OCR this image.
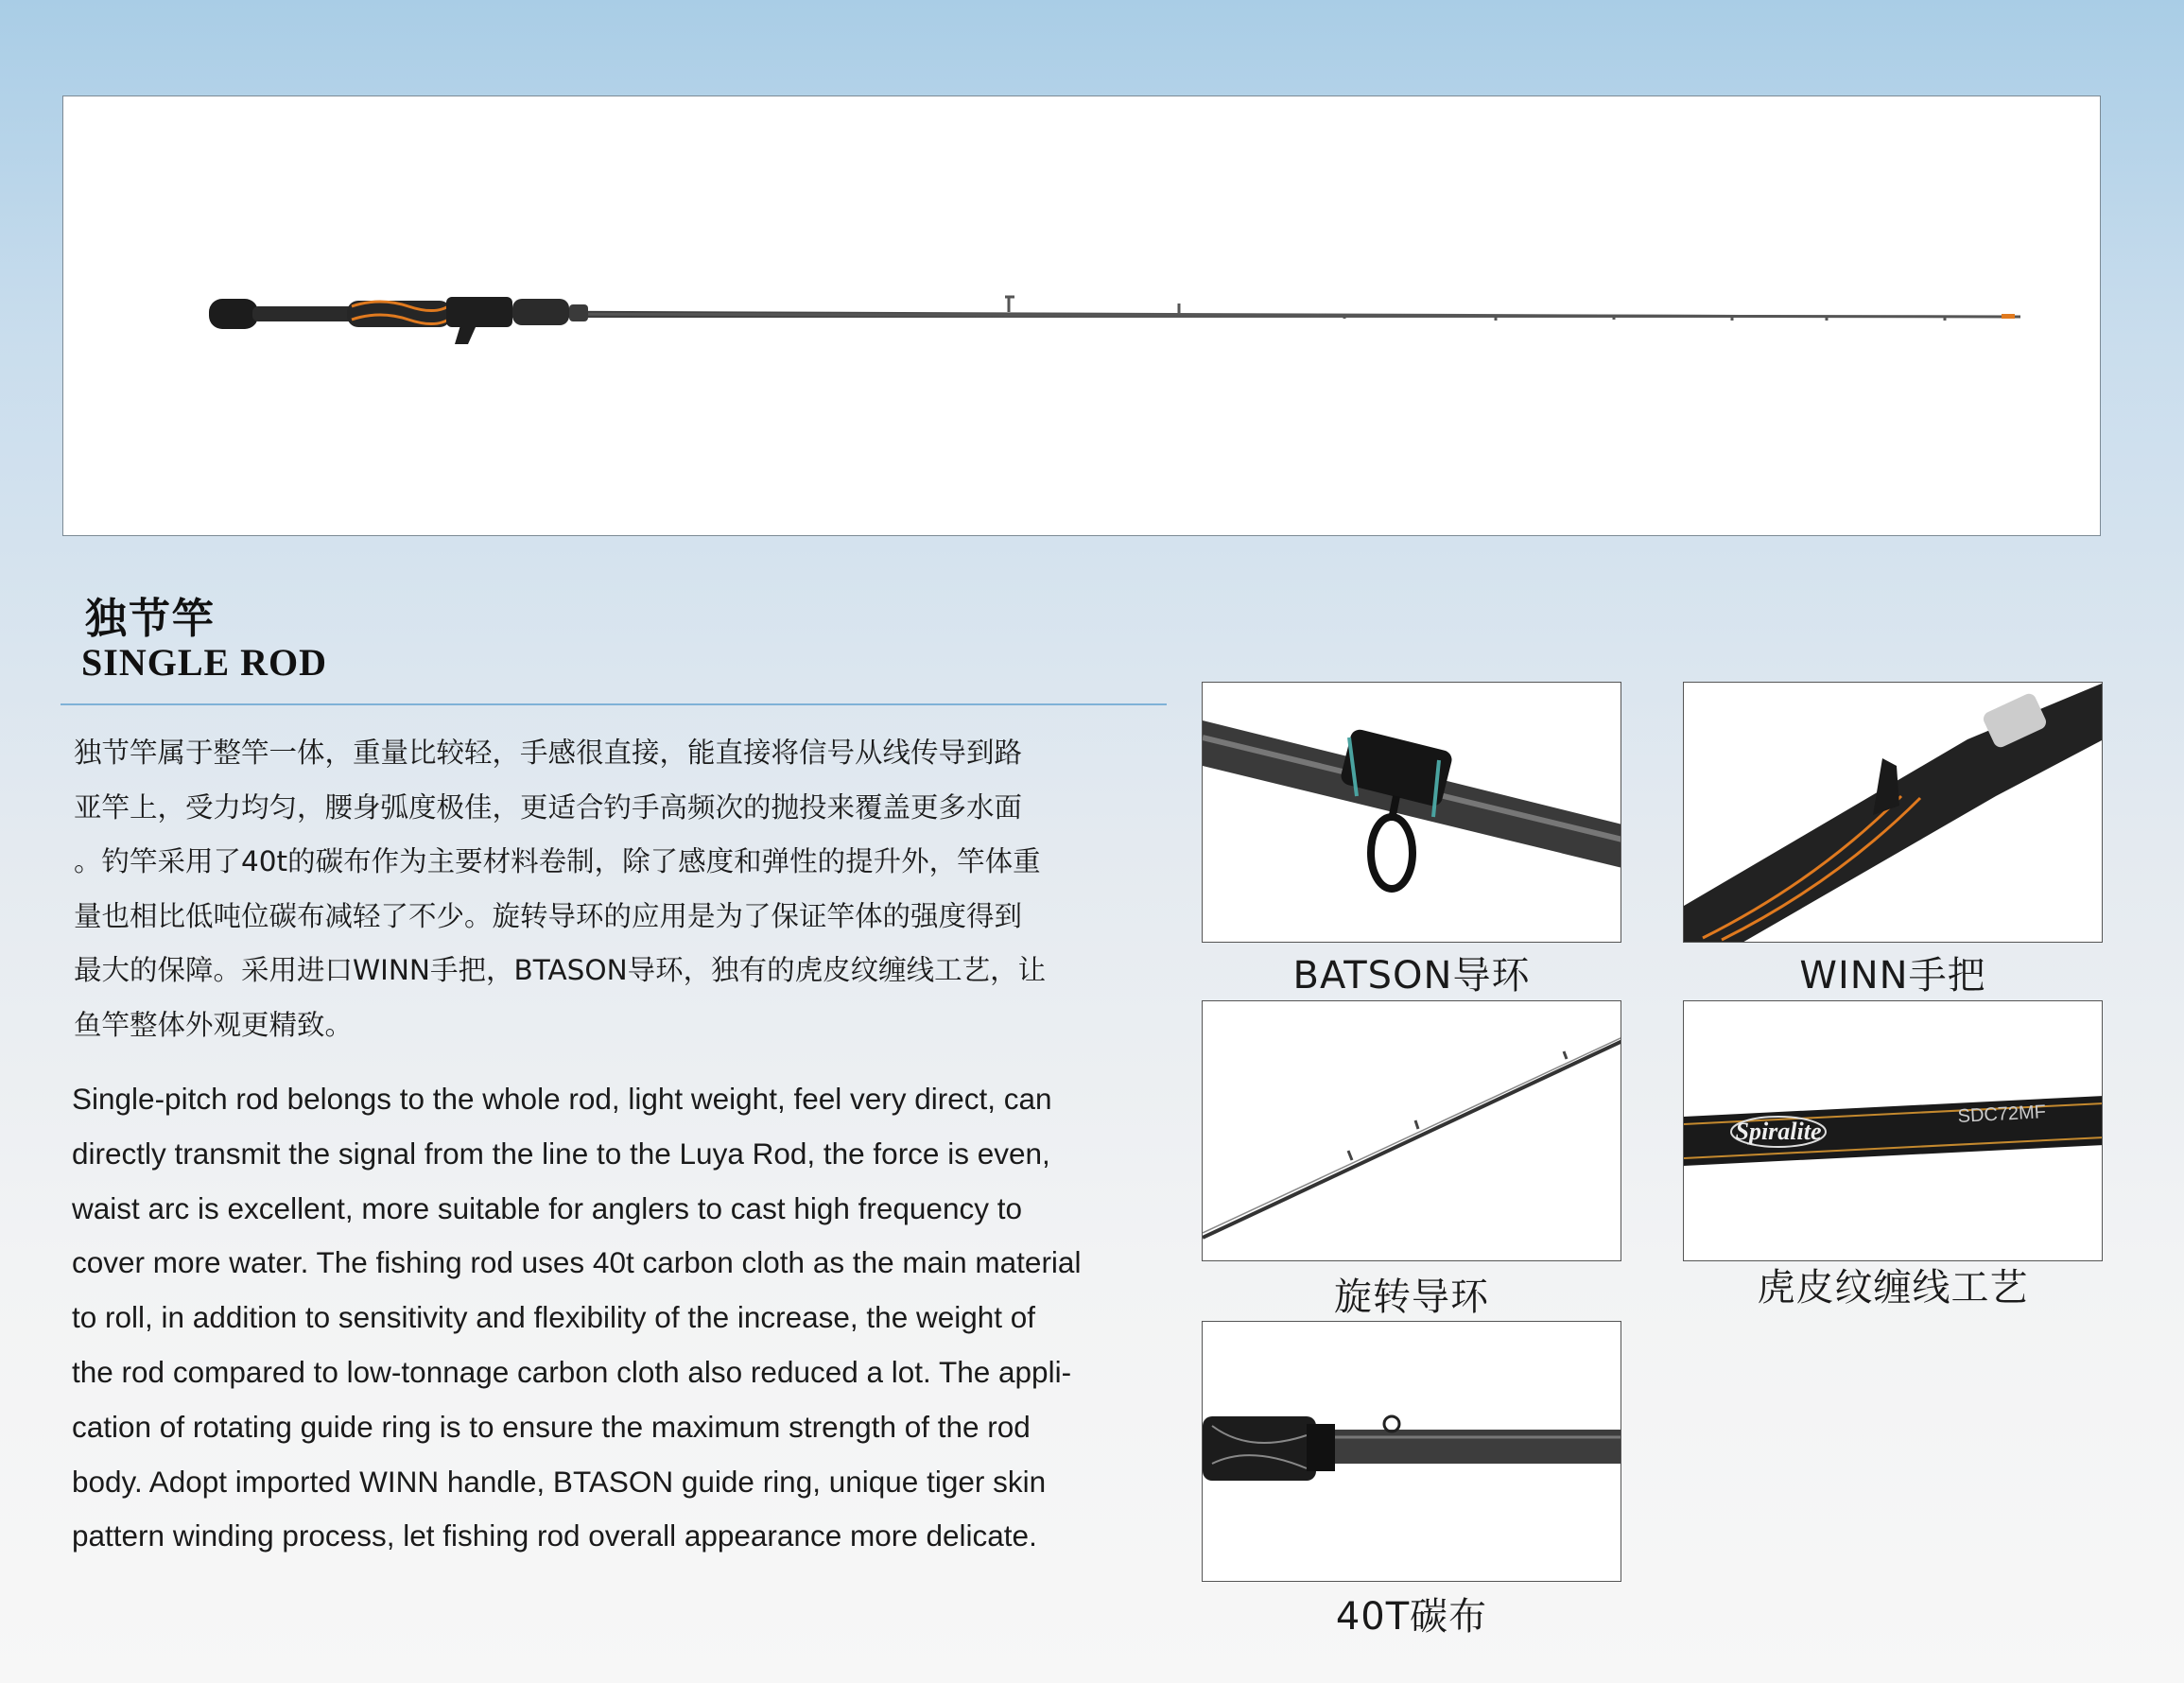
独节竿
SINGLE ROD
独节竿属于整竿一体，重量比较轻，手感很直接，能直接将信号从线传导到路
亚竿上，受力均匀，腰身弧度极佳，更适合钓手高频次的抛投来覆盖更多水面
。钓竿采用了40t的碳布作为主要材料卷制，除了感度和弹性的提升外，竿体重
量也相比低吨位碳布减轻了不少。旋转导环的应用是为了保证竿体的强度得到
最大的保障。采用进口WINN手把，BTASON导环，独有的虎皮纹缠线工艺，让
鱼竿整体外观更精致。
Single-pitch rod belongs to the whole rod, light weight, feel very direct, can
directly transmit the signal from the line to the Luya Rod, the force is even,
waist arc is excellent, more suitable for anglers to cast high frequency to
cover more water. The fishing rod uses 40t carbon cloth as the main material
to roll, in addition to sensitivity and flexibility of the increase, the weight of
the rod compared to low-tonnage carbon cloth also reduced a lot. The appli-
cation of rotating guide ring is to ensure the maximum strength of the rod
body. Adopt imported WINN handle, BTASON guide ring, unique tiger skin
pattern winding process, let fishing rod overall appearance more delicate.
BATSON导环	WINN手把
旋转导环
Spiralite
SDC72MF
虎皮纹缠线工艺
40T碳布
